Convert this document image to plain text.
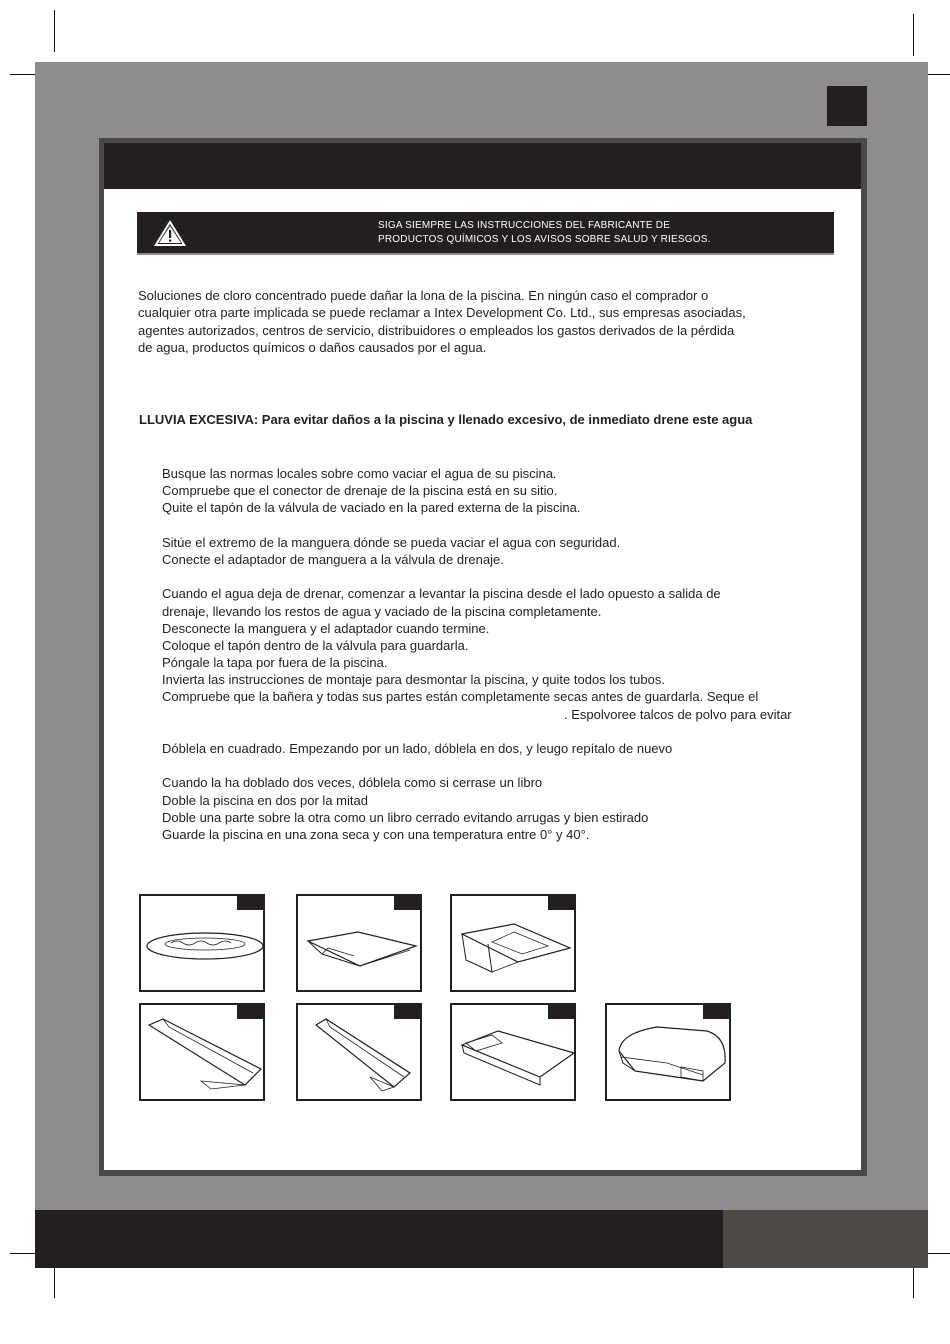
SIGA SIEMPRE LAS INSTRUCCIONES DEL FABRICANTE DE
PRODUCTOS QUÍMICOS Y LOS AVISOS SOBRE SALUD Y RIESGOS.
Soluciones de cloro concentrado puede dañar la lona de la piscina. En ningún caso el comprador o
cualquier otra parte implicada se puede reclamar a Intex Development Co. Ltd., sus empresas asociadas,
agentes autorizados, centros de servicio, distribuidores o empleados los gastos derivados de la pérdida
de agua, productos químicos o daños causados por el agua.
LLUVIA EXCESIVA: Para evitar daños a la piscina y llenado excesivo, de inmediato drene este agua
Busque las normas locales sobre como vaciar el agua de su piscina.
Compruebe que el conector de drenaje de la piscina está en su sitio.
Quite el tapón de la válvula de vaciado en la pared externa de la piscina.
Sitúe el extremo de la manguera dónde se pueda vaciar el agua con seguridad.
Conecte el adaptador de manguera a la válvula de drenaje.
Cuando el agua deja de drenar, comenzar a levantar la piscina desde el lado opuesto a salida de
drenaje, llevando los restos de agua y vaciado de la piscina completamente.
Desconecte la manguera y el adaptador cuando termine.
Coloque el tapón dentro de la válvula para guardarla.
Póngale la tapa por fuera de la piscina.
Invierta las instrucciones de montaje para desmontar la piscina, y quite todos los tubos.
Compruebe que la bañera y todas sus partes están completamente secas antes de guardarla. Seque el
. Espolvoree talcos de polvo para evitar
Dóblela en cuadrado. Empezando por un lado, dóblela en dos, y leugo repítalo de nuevo
Cuando la ha doblado dos veces, dóblela como si cerrase un libro
Doble la piscina en dos por la mitad
Doble una parte sobre la otra como un libro cerrado evitando arrugas y bien estirado
Guarde la piscina en una zona seca y con una temperatura entre 0° y 40°.
